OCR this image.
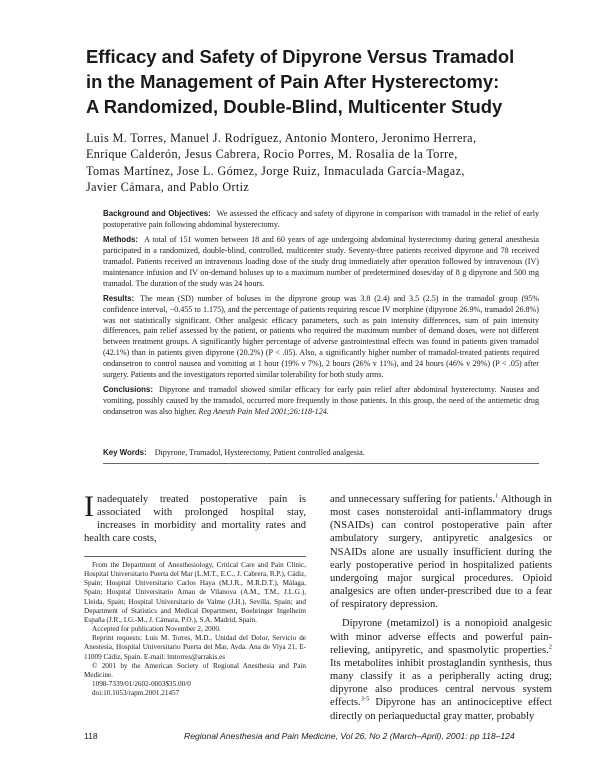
Efficacy and Safety of Dipyrone Versus Tramadol
in the Management of Pain After Hysterectomy:
A Randomized, Double-Blind, Multicenter Study
Luis M. Torres, Manuel J. Rodríguez, Antonio Montero, Jeronimo Herrera,
Enrique Calderón, Jesus Cabrera, Rocio Porres, M. Rosalia de la Torre,
Tomas Martínez, Jose L. Gómez, Jorge Ruiz, Inmaculada García-Magaz,
Javier Cámara, and Pablo Ortiz

Background and Objectives: We assessed the efficacy and safety of dipyrone in comparison with tramadol in the relief of early postoperative pain following abdominal hysterectomy.

Methods: A total of 151 women between 18 and 60 years of age undergoing abdominal hysterectomy during general anesthesia participated in a randomized, double-blind, controlled, multicenter study. Seventy-three patients received dipyrone and 78 received tramadol. Patients received an intravenous loading dose of the study drug immediately after operation followed by intravenous (IV) maintenance infusion and IV on-demand boluses up to a maximum number of predetermined doses/day of 8 g dipyrone and 500 mg tramadol. The duration of the study was 24 hours.

Results: The mean (SD) number of boluses in the dipyrone group was 3.8 (2.4) and 3.5 (2.5) in the tramadol group (95% confidence interval, −0.455 to 1.175), and the percentage of patients requiring rescue IV morphine (dipyrone 26.9%, tramadol 26.8%) was not statistically significant. Other analgesic efficacy parameters, such as pain intensity differences, sum of pain intensity differences, pain relief assessed by the patient, or patients who required the maximum number of demand doses, were not different between treatment groups. A significantly higher percentage of adverse gastrointestinal effects was found in patients given tramadol (42.1%) than in patients given dipyrone (20.2%) (P < .05). Also, a significantly higher number of tramadol-treated patients required ondansetron to control nausea and vomiting at 1 hour (19% v 7%), 2 hours (26% v 11%), and 24 hours (46% v 29%) (P < .05) after surgery. Patients and the investigators reported similar tolerability for both study arms.

Conclusions: Dipyrone and tramadol showed similar efficacy for early pain relief after abdominal hysterectomy. Nausea and vomiting, possibly caused by the tramadol, occurred more frequently in those patients. In this group, the need of the antiemetic drug ondansetron was also higher. Reg Anesth Pain Med 2001;26:118-124.

Key Words: Dipyrone, Tramadol, Hysterectomy, Patient controlled analgesia.

Inadequately treated postoperative pain is associated with prolonged hospital stay, increases in morbidity and mortality rates and health care costs,

From the Department of Anesthesiology, Critical Care and Pain Clinic, Hospital Universitario Puerta del Mar (L.M.T., E.C., J. Cabrera, R.P.), Cádiz, Spain; Hospital Universitario Carlos Haya (M.J.R., M.R.D.T.), Málaga, Spain; Hospital Universitario Arnau de Vilanova (A.M., T.M., J.L.G.), Lleida, Spain; Hospital Universitario de Valme (J.H.), Sevilla, Spain; and Department of Statistics and Medical Department, Boehringer Ingelheim España (J.R., I.G.-M., J. Cámara, P.O.), S.A. Madrid, Spain.

Accepted for publication November 2, 2000.

Reprint requests: Luis M. Torres, M.D., Unidad del Dolor, Servicio de Anestesia, Hospital Universitario Puerta del Mar, Avda. Ana de Viya 21, E-11009 Cádiz, Spain. E-mail: lmtorres@arrakis.es

© 2001 by the American Society of Regional Anesthesia and Pain Medicine.

1098-7339/01/2602-0003$35.00/0

doi:10.1053/rapm.2001.21457

and unnecessary suffering for patients.$^1$ Although in most cases nonsteroidal anti-inflammatory drugs (NSAIDs) can control postoperative pain after ambulatory surgery, antipyretic analgesics or NSAIDs alone are usually insufficient during the early postoperative period in hospitalized patients undergoing major surgical procedures. Opioid analgesics are often under-prescribed due to a fear of respiratory depression.

Dipyrone (metamizol) is a nonopioid analgesic with minor adverse effects and powerful pain-relieving, antipyretic, and spasmolytic properties.$^2$ Its metabolites inhibit prostaglandin synthesis, thus many classify it as a peripherally acting drug; dipyrone also produces central nervous system effects.$^{3-5}$ Dipyrone has an antinociceptive effect directly on periaqueductal gray matter, probably

118	Regional Anesthesia and Pain Medicine, Vol 26, No 2 (March–April), 2001: pp 118–124
